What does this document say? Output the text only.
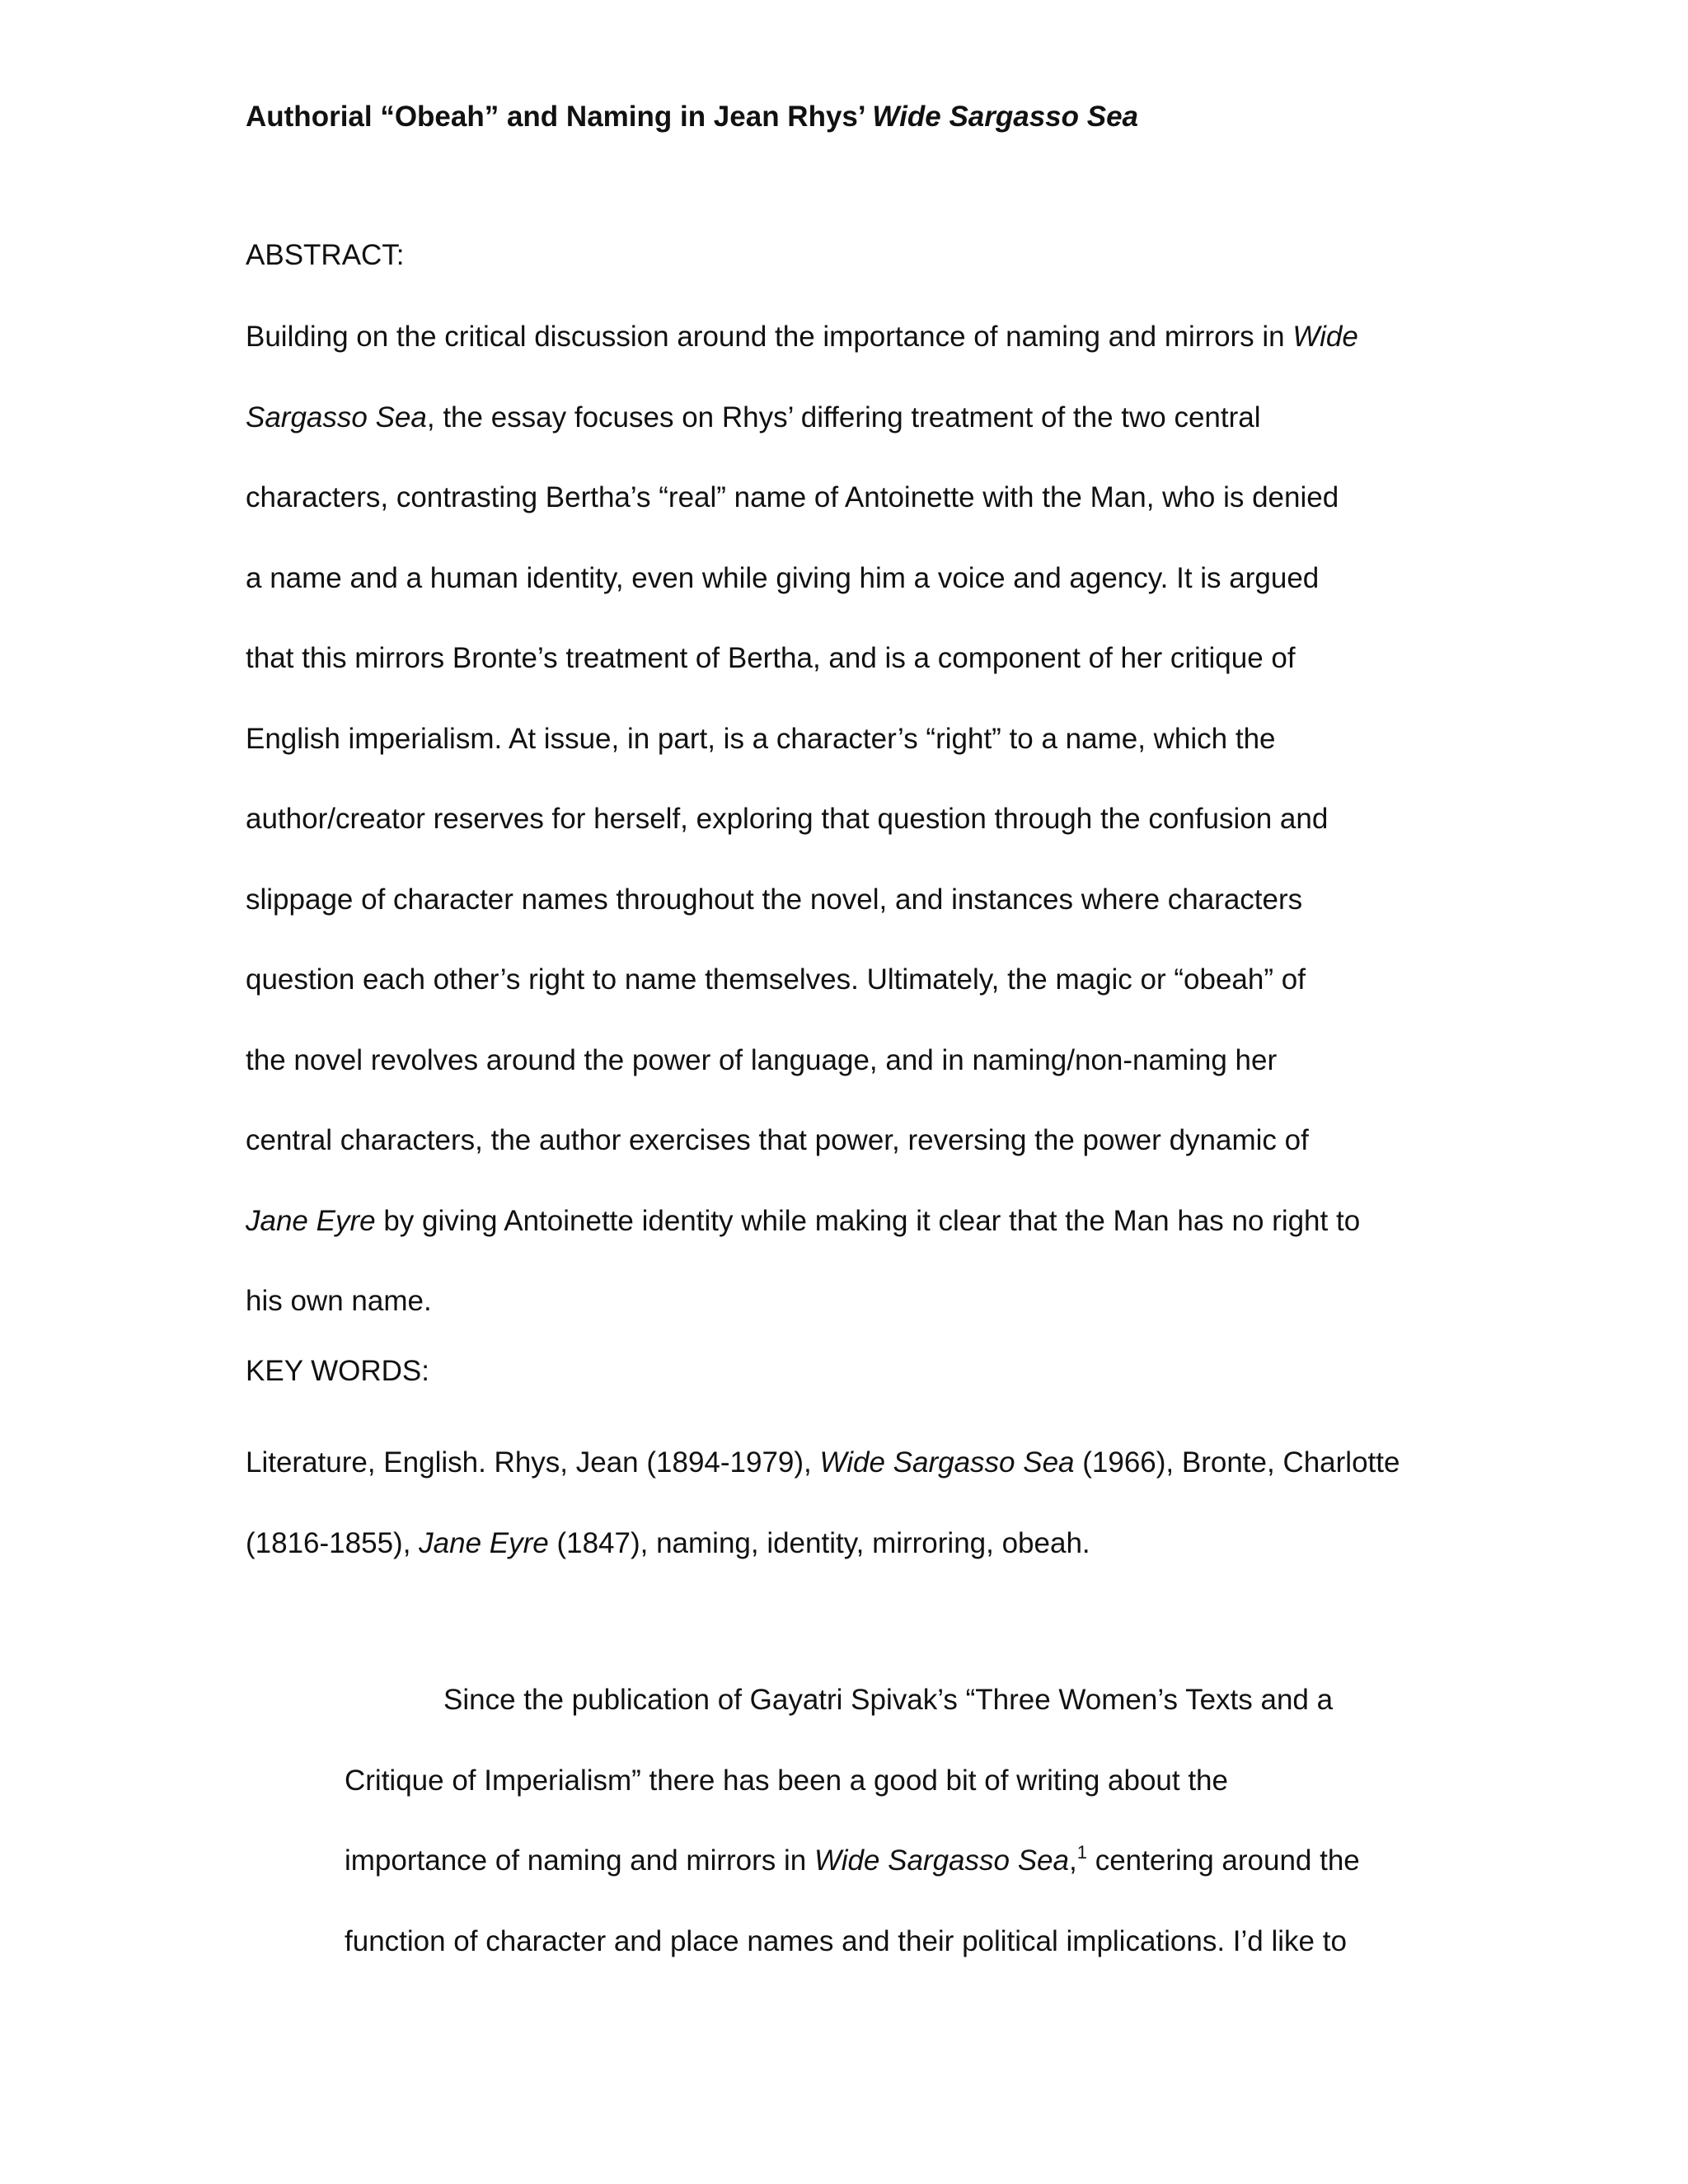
Authorial “Obeah” and Naming in Jean Rhys’ Wide Sargasso Sea
ABSTRACT:
Building on the critical discussion around the importance of naming and mirrors in Wide
Sargasso Sea, the essay focuses on Rhys’ differing treatment of the two central
characters, contrasting Bertha’s “real” name of Antoinette with the Man, who is denied
a name and a human identity, even while giving him a voice and agency. It is argued
that this mirrors Bronte’s treatment of Bertha, and is a component of her critique of
English imperialism. At issue, in part, is a character’s “right” to a name, which the
author/creator reserves for herself, exploring that question through the confusion and
slippage of character names throughout the novel, and instances where characters
question each other’s right to name themselves. Ultimately, the magic or “obeah” of
the novel revolves around the power of language, and in naming/non-naming her
central characters, the author exercises that power, reversing the power dynamic of
Jane Eyre by giving Antoinette identity while making it clear that the Man has no right to
his own name.
KEY WORDS:
Literature, English. Rhys, Jean (1894-1979), Wide Sargasso Sea (1966), Bronte, Charlotte
(1816-1855), Jane Eyre (1847), naming, identity, mirroring, obeah.
Since the publication of Gayatri Spivak’s “Three Women’s Texts and a
Critique of Imperialism” there has been a good bit of writing about the
importance of naming and mirrors in Wide Sargasso Sea,$^1$ centering around the
function of character and place names and their political implications. I’d like to
